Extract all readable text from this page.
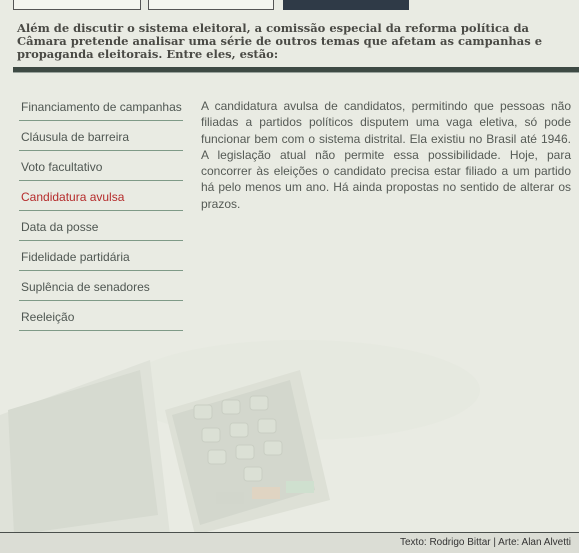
Além de discutir o sistema eleitoral, a comissão especial da reforma política da Câmara pretende analisar uma série de outros temas que afetam as campanhas e propaganda eleitorais. Entre eles, estão:
Financiamento de campanhas
Cláusula de barreira
Voto facultativo
Candidatura avulsa
Data da posse
Fidelidade partidária
Suplência de senadores
Reeleição
A candidatura avulsa de candidatos, permitindo que pessoas não filiadas a partidos políticos disputem uma vaga eletiva, só pode funcionar bem com o sistema distrital. Ela existiu no Brasil até 1946. A legislação atual não permite essa possibilidade. Hoje, para concorrer às eleições o candidato precisa estar filiado a um partido há pelo menos um ano. Há ainda propostas no sentido de alterar os prazos.
Texto: Rodrigo Bittar | Arte: Alan Alvetti
